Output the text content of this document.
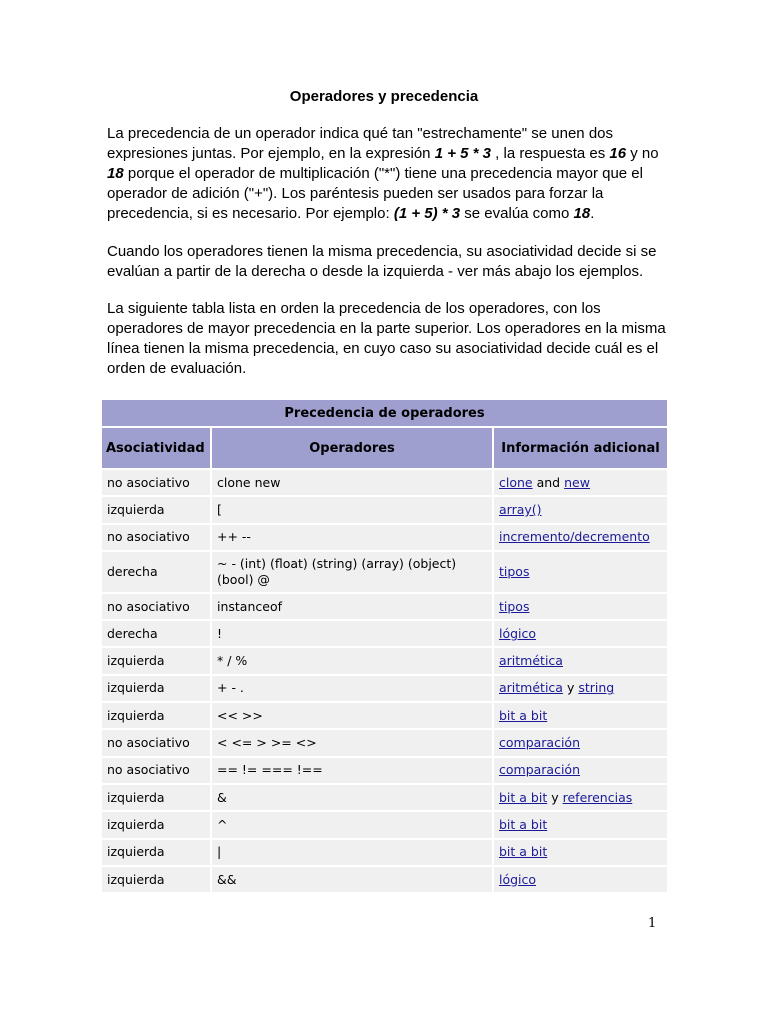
Operadores y precedencia
La precedencia de un operador indica qué tan "estrechamente" se unen dos expresiones juntas. Por ejemplo, en la expresión 1 + 5 * 3 , la respuesta es 16 y no 18 porque el operador de multiplicación ("*") tiene una precedencia mayor que el operador de adición ("+"). Los paréntesis pueden ser usados para forzar la precedencia, si es necesario. Por ejemplo: (1 + 5) * 3 se evalúa como 18.
Cuando los operadores tienen la misma precedencia, su asociatividad decide si se evalúan a partir de la derecha o desde la izquierda - ver más abajo los ejemplos.
La siguiente tabla lista en orden la precedencia de los operadores, con los operadores de mayor precedencia en la parte superior. Los operadores en la misma línea tienen la misma precedencia, en cuyo caso su asociatividad decide cuál es el orden de evaluación.
Precedencia de operadores		
Asociatividad	Operadores	Información adicional
no asociativo	clone new	clone and new
izquierda	[	array()
no asociativo	++ --	incremento/decremento
derecha	~ - (int) (float) (string) (array) (object) (bool) @	tipos
no asociativo	instanceof	tipos
derecha	!	lógico
izquierda	* / %	aritmética
izquierda	+ - .	aritmética y string
izquierda	<< >>	bit a bit
no asociativo	< <= > >= <>	comparación
no asociativo	== != === !==	comparación
izquierda	&	bit a bit y referencias
izquierda	^	bit a bit
izquierda	|	bit a bit
izquierda	&&	lógico
1
